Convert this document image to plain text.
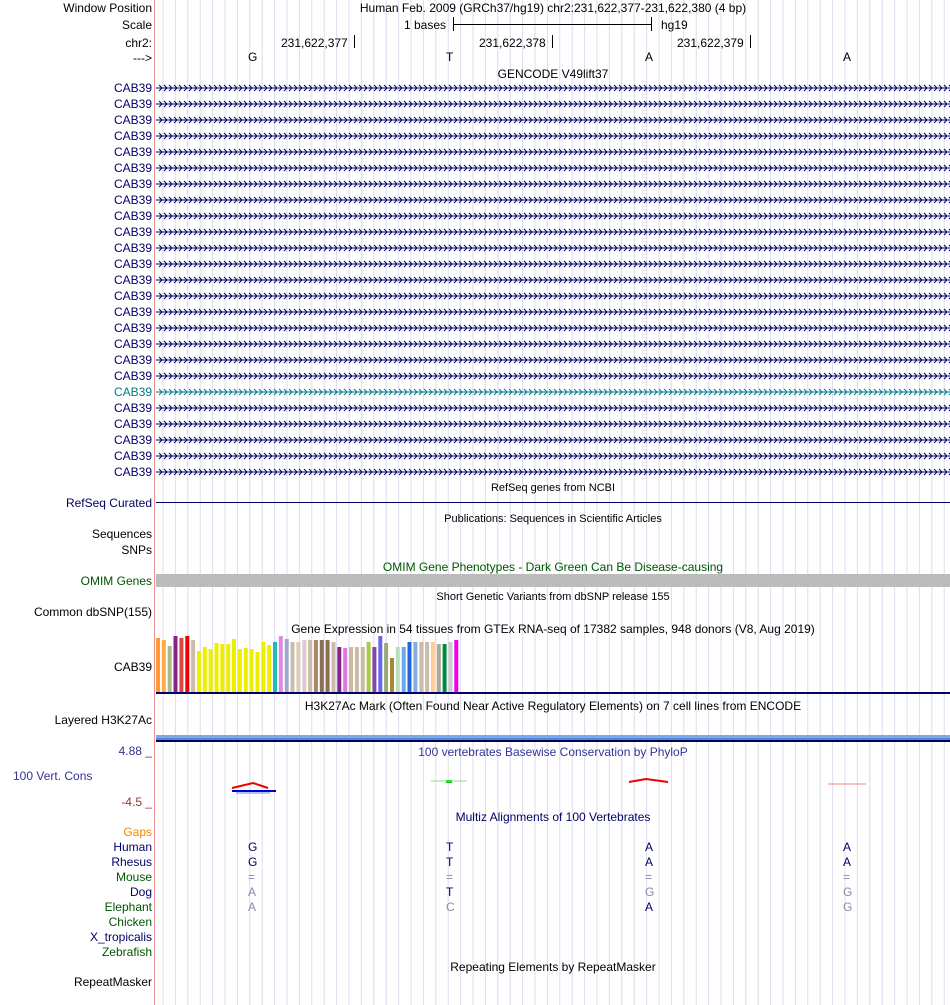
Window Position
Scale
chr2:
--->
Human Feb. 2009 (GRCh37/hg19) chr2:231,622,377-231,622,380 (4 bp)
1 bases	hg19
231,622,377	231,622,378	231,622,379
G	T	A	A
GENCODE V49lift37
CAB39
CAB39
CAB39
CAB39
CAB39
CAB39
CAB39
CAB39
CAB39
CAB39
CAB39
CAB39
CAB39
CAB39
CAB39
CAB39
CAB39
CAB39
CAB39
CAB39
CAB39
CAB39
CAB39
CAB39
CAB39
RefSeq genes from NCBI
RefSeq Curated
Publications: Sequences in Scientific Articles
Sequences
SNPs
OMIM Gene Phenotypes - Dark Green Can Be Disease-causing
OMIM Genes
Short Genetic Variants from dbSNP release 155
Common dbSNP(155)
Gene Expression in 54 tissues from GTEx RNA-seq of 17382 samples, 948 donors (V8, Aug 2019)
CAB39
H3K27Ac Mark (Often Found Near Active Regulatory Elements) on 7 cell lines from ENCODE
Layered H3K27Ac
100 vertebrates Basewise Conservation by PhyloP
4.88 _
100 Vert. Cons
-4.5 _
Multiz Alignments of 100 Vertebrates
Gaps
Human	G	T	A	A
Rhesus	G	T	A	A
Mouse	=	=	=	=
Dog	A	T	G	G
Elephant	A	C	A	G
Chicken
X_tropicalis
Zebrafish
Repeating Elements by RepeatMasker
RepeatMasker
